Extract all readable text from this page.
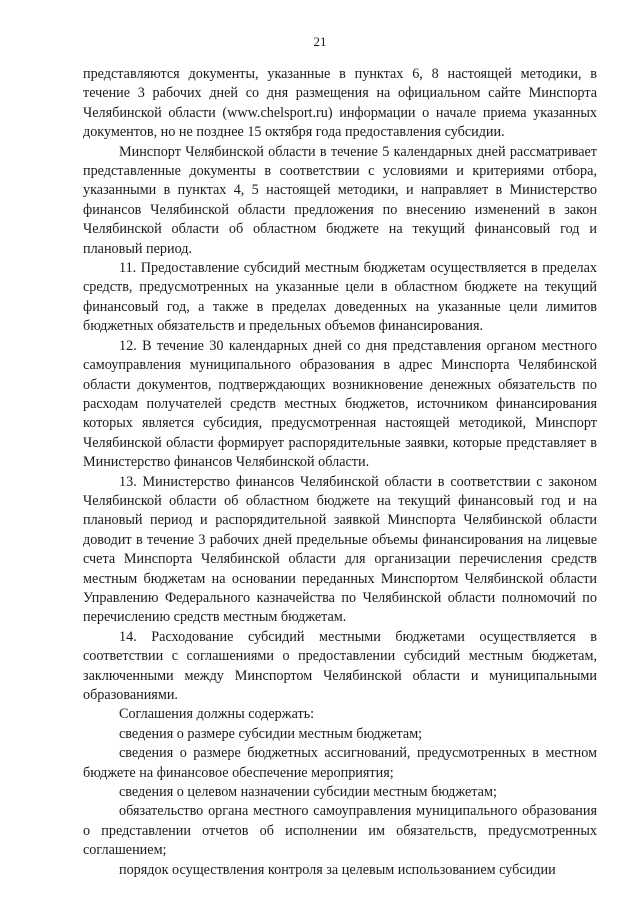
21

представляются документы, указанные в пунктах 6, 8 настоящей методики, в течение 3 рабочих дней со дня размещения на официальном сайте Минспорта Челябинской области (www.chelsport.ru) информации о начале приема указанных документов, но не позднее 15 октября года предоставления субсидии.

Минспорт Челябинской области в течение 5 календарных дней рассматривает представленные документы в соответствии с условиями и критериями отбора, указанными в пунктах 4, 5 настоящей методики, и направляет в Министерство финансов Челябинской области предложения по внесению изменений в закон Челябинской области об областном бюджете на текущий финансовый год и плановый период.

11. Предоставление субсидий местным бюджетам осуществляется в пределах средств, предусмотренных на указанные цели в областном бюджете на текущий финансовый год, а также в пределах доведенных на указанные цели лимитов бюджетных обязательств и предельных объемов финансирования.

12. В течение 30 календарных дней со дня представления органом местного самоуправления муниципального образования в адрес Минспорта Челябинской области документов, подтверждающих возникновение денежных обязательств по расходам получателей средств местных бюджетов, источником финансирования которых является субсидия, предусмотренная настоящей методикой, Минспорт Челябинской области формирует распорядительные заявки, которые представляет в Министерство финансов Челябинской области.

13. Министерство финансов Челябинской области в соответствии с законом Челябинской области об областном бюджете на текущий финансовый год и на плановый период и распорядительной заявкой Минспорта Челябинской области доводит в течение 3 рабочих дней предельные объемы финансирования на лицевые счета Минспорта Челябинской области для организации перечисления средств местным бюджетам на основании переданных Минспортом Челябинской области Управлению Федерального казначейства по Челябинской области полномочий по перечислению средств местным бюджетам.

14. Расходование субсидий местными бюджетами осуществляется в соответствии с соглашениями о предоставлении субсидий местным бюджетам, заключенными между Минспортом Челябинской области и муниципальными образованиями.

Соглашения должны содержать:

сведения о размере субсидии местным бюджетам;

сведения о размере бюджетных ассигнований, предусмотренных в местном бюджете на финансовое обеспечение мероприятия;

сведения о целевом назначении субсидии местным бюджетам;

обязательство органа местного самоуправления муниципального образования о представлении отчетов об исполнении им обязательств, предусмотренных соглашением;

порядок осуществления контроля за целевым использованием субсидии
